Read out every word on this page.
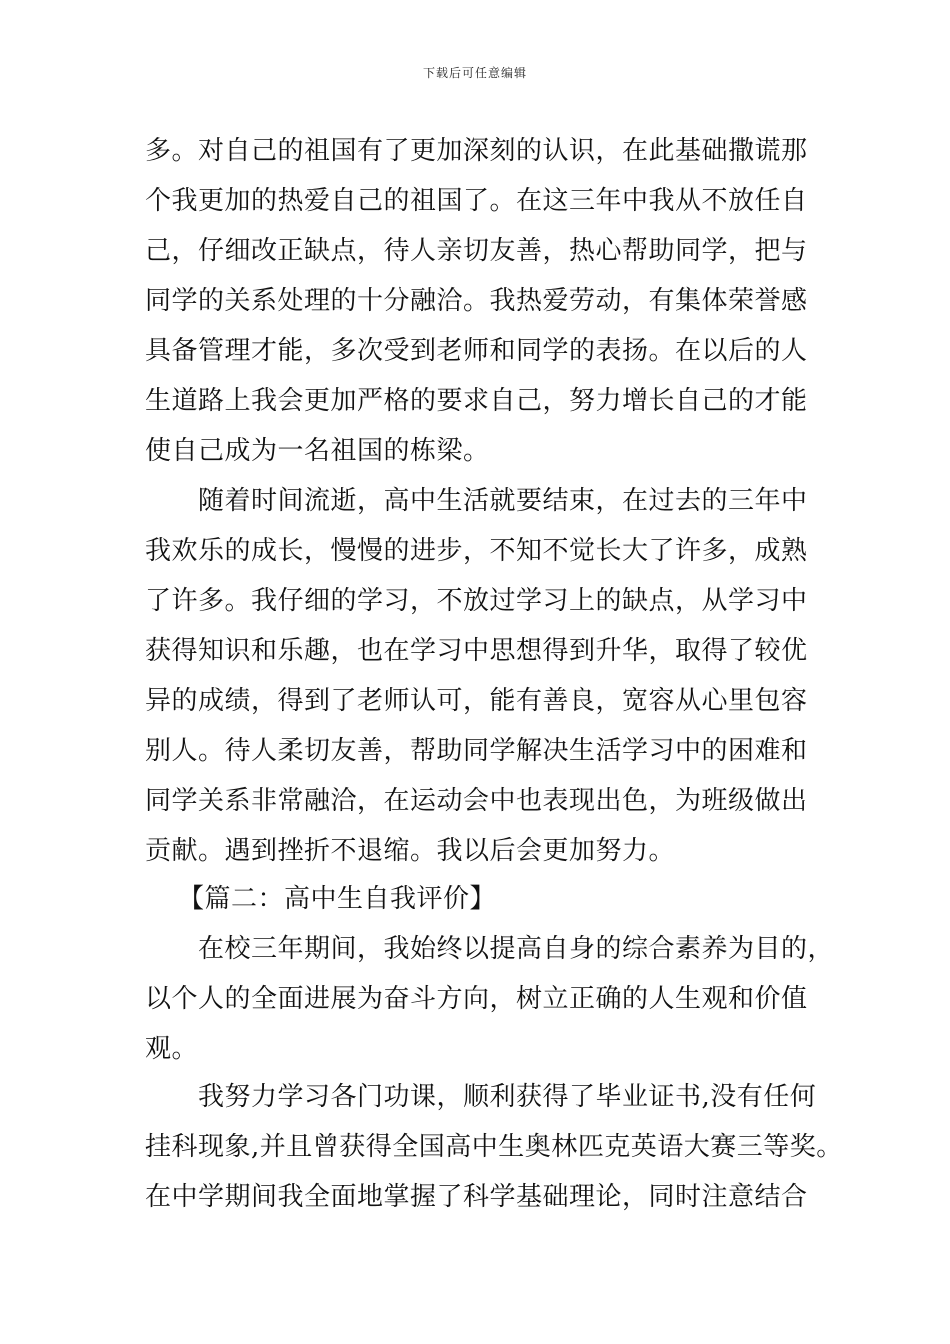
下载后可任意编辑
多。对自己的祖国有了更加深刻的认识，在此基础撒谎那
个我更加的热爱自己的祖国了。在这三年中我从不放任自
己，仔细改正缺点，待人亲切友善，热心帮助同学，把与
同学的关系处理的十分融洽。我热爱劳动，有集体荣誉感
具备管理才能，多次受到老师和同学的表扬。在以后的人
生道路上我会更加严格的要求自己，努力增长自己的才能
使自己成为一名祖国的栋梁。
随着时间流逝，高中生活就要结束，在过去的三年中
我欢乐的成长，慢慢的进步，不知不觉长大了许多，成熟
了许多。我仔细的学习，不放过学习上的缺点，从学习中
获得知识和乐趣，也在学习中思想得到升华，取得了较优
异的成绩，得到了老师认可，能有善良，宽容从心里包容
别人。待人柔切友善，帮助同学解决生活学习中的困难和
同学关系非常融洽，在运动会中也表现出色，为班级做出
贡献。遇到挫折不退缩。我以后会更加努力。
【篇二：高中生自我评价】
在校三年期间，我始终以提高自身的综合素养为目的，
以个人的全面进展为奋斗方向，树立正确的人生观和价值
观。
我努力学习各门功课，顺利获得了毕业证书,没有任何
挂科现象,并且曾获得全国高中生奥林匹克英语大赛三等奖。
在中学期间我全面地掌握了科学基础理论，同时注意结合
